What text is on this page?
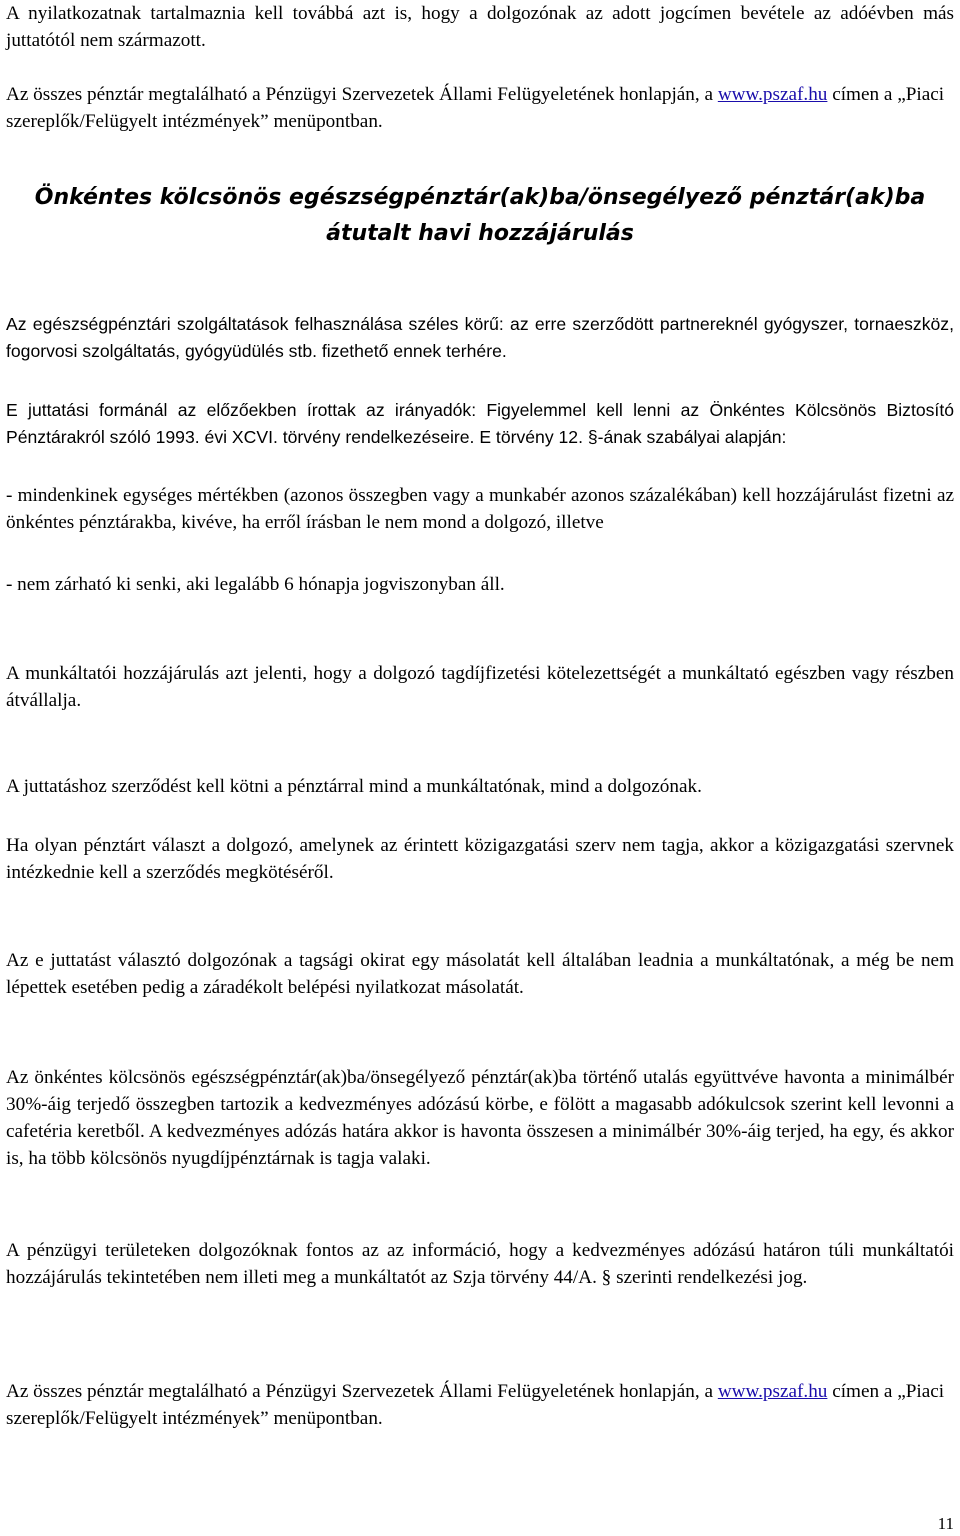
A nyilatkozatnak tartalmaznia kell továbbá azt is, hogy a dolgozónak az adott jogcímen bevétele az adóévben más juttatótól nem származott.

Az összes pénztár megtalálható a Pénzügyi Szervezetek Állami Felügyeletének honlapján, a www.pszaf.hu címen a „Piaci szereplők/Felügyelt intézmények” menüpontban.

Önkéntes kölcsönös egészségpénztár(ak)ba/önsegélyező pénztár(ak)ba
átutalt havi hozzájárulás

Az egészségpénztári szolgáltatások felhasználása széles körű: az erre szerződött partnereknél gyógyszer, tornaeszköz, fogorvosi szolgáltatás, gyógyüdülés stb. fizethető ennek terhére.

E juttatási formánál az előzőekben írottak az irányadók: Figyelemmel kell lenni az Önkéntes Kölcsönös Biztosító Pénztárakról szóló 1993. évi XCVI. törvény rendelkezéseire. E törvény 12. §-ának szabályai alapján:

- mindenkinek egységes mértékben (azonos összegben vagy a munkabér azonos százalékában) kell hozzájárulást fizetni az önkéntes pénztárakba, kivéve, ha erről írásban le nem mond a dolgozó, illetve

- nem zárható ki senki, aki legalább 6 hónapja jogviszonyban áll.

A munkáltatói hozzájárulás azt jelenti, hogy a dolgozó tagdíjfizetési kötelezettségét a munkáltató egészben vagy részben átvállalja.

A juttatáshoz szerződést kell kötni a pénztárral mind a munkáltatónak, mind a dolgozónak.

Ha olyan pénztárt választ a dolgozó, amelynek az érintett közigazgatási szerv nem tagja, akkor a közigazgatási szervnek intézkednie kell a szerződés megkötéséről.

Az e juttatást választó dolgozónak a tagsági okirat egy másolatát kell általában leadnia a munkáltatónak, a még be nem lépettek esetében pedig a záradékolt belépési nyilatkozat másolatát.

Az önkéntes kölcsönös egészségpénztár(ak)ba/önsegélyező pénztár(ak)ba történő utalás együttvéve havonta a minimálbér 30%-áig terjedő összegben tartozik a kedvezményes adózású körbe, e fölött a magasabb adókulcsok szerint kell levonni a cafetéria keretből. A kedvezményes adózás határa akkor is havonta összesen a minimálbér 30%-áig terjed, ha egy, és akkor is, ha több kölcsönös nyugdíjpénztárnak is tagja valaki.

A pénzügyi területeken dolgozóknak fontos az az információ, hogy a kedvezményes adózású határon túli munkáltatói hozzájárulás tekintetében nem illeti meg a munkáltatót az Szja törvény 44/A. § szerinti rendelkezési jog.

Az összes pénztár megtalálható a Pénzügyi Szervezetek Állami Felügyeletének honlapján, a www.pszaf.hu címen a „Piaci szereplők/Felügyelt intézmények” menüpontban.

11
